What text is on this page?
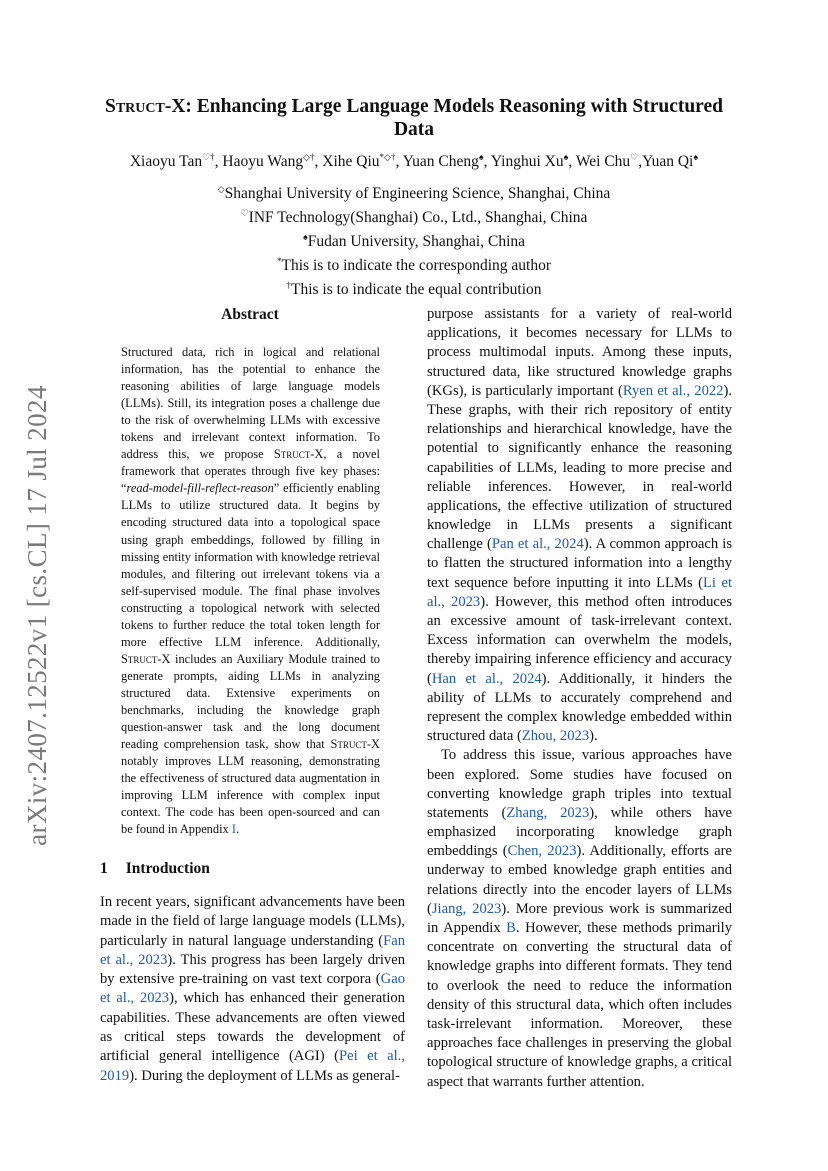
arXiv:2407.12522v1 [cs.CL] 17 Jul 2024
Struct-X: Enhancing Large Language Models Reasoning with Structured Data
Xiaoyu Tan♡†, Haoyu Wang◇†, Xihe Qiu*◇†, Yuan Cheng♠, Yinghui Xu♠, Wei Chu♡,Yuan Qi♠
◇Shanghai University of Engineering Science, Shanghai, China
♡INF Technology(Shanghai) Co., Ltd., Shanghai, China
♠Fudan University, Shanghai, China
*This is to indicate the corresponding author
†This is to indicate the equal contribution
Abstract

Structured data, rich in logical and relational information, has the potential to enhance the reasoning abilities of large language models (LLMs). Still, its integration poses a challenge due to the risk of overwhelming LLMs with excessive tokens and irrelevant context information. To address this, we propose Struct-X, a novel framework that operates through five key phases: “read-model-fill-reflect-reason” efficiently enabling LLMs to utilize structured data. It begins by encoding structured data into a topological space using graph embeddings, followed by filling in missing entity information with knowledge retrieval modules, and filtering out irrelevant tokens via a self-supervised module. The final phase involves constructing a topological network with selected tokens to further reduce the total token length for more effective LLM inference. Additionally, Struct-X includes an Auxiliary Module trained to generate prompts, aiding LLMs in analyzing structured data. Extensive experiments on benchmarks, including the knowledge graph question-answer task and the long document reading comprehension task, show that Struct-X notably improves LLM reasoning, demonstrating the effectiveness of structured data augmentation in improving LLM inference with complex input context. The code has been open-sourced and can be found in Appendix I.

1 Introduction

In recent years, significant advancements have been made in the field of large language models (LLMs), particularly in natural language understanding (Fan et al., 2023). This progress has been largely driven by extensive pre-training on vast text corpora (Gao et al., 2023), which has enhanced their generation capabilities. These advancements are often viewed as critical steps towards the development of artificial general intelligence (AGI) (Pei et al., 2019). During the deployment of LLMs as general-

purpose assistants for a variety of real-world applications, it becomes necessary for LLMs to process multimodal inputs. Among these inputs, structured data, like structured knowledge graphs (KGs), is particularly important (Ryen et al., 2022). These graphs, with their rich repository of entity relationships and hierarchical knowledge, have the potential to significantly enhance the reasoning capabilities of LLMs, leading to more precise and reliable inferences. However, in real-world applications, the effective utilization of structured knowledge in LLMs presents a significant challenge (Pan et al., 2024). A common approach is to flatten the structured information into a lengthy text sequence before inputting it into LLMs (Li et al., 2023). However, this method often introduces an excessive amount of task-irrelevant context. Excess information can overwhelm the models, thereby impairing inference efficiency and accuracy (Han et al., 2024). Additionally, it hinders the ability of LLMs to accurately comprehend and represent the complex knowledge embedded within structured data (Zhou, 2023).

To address this issue, various approaches have been explored. Some studies have focused on converting knowledge graph triples into textual statements (Zhang, 2023), while others have emphasized incorporating knowledge graph embeddings (Chen, 2023). Additionally, efforts are underway to embed knowledge graph entities and relations directly into the encoder layers of LLMs (Jiang, 2023). More previous work is summarized in Appendix B. However, these methods primarily concentrate on converting the structural data of knowledge graphs into different formats. They tend to overlook the need to reduce the information density of this structural data, which often includes task-irrelevant information. Moreover, these approaches face challenges in preserving the global topological structure of knowledge graphs, a critical aspect that warrants further attention.
